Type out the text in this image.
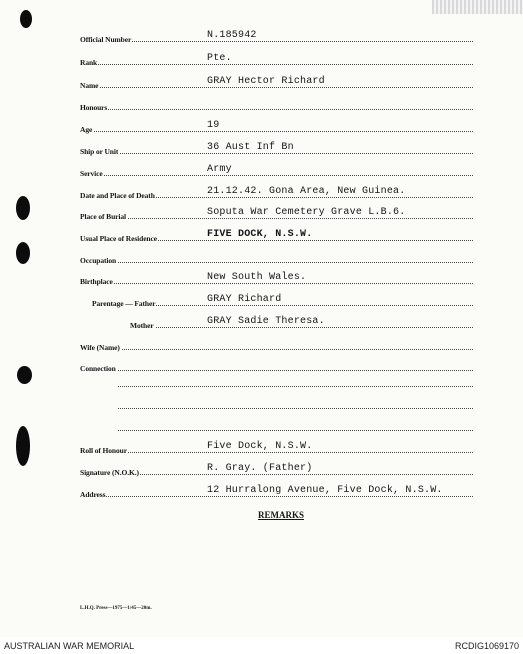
Official Number	N.185942
Rank	Pte.
Name	GRAY Hector Richard
Honours
Age	19
Ship or Unit	36 Aust Inf Bn
Service	Army
Date and Place of Death	21.12.42. Gona Area, New Guinea.
Place of Burial	Soputa War Cemetery Grave L.B.6.
Usual Place of Residence	FIVE DOCK, N.S.W.
Occupation
Birthplace	New South Wales.
Parentage — Father	GRAY Richard
Mother	GRAY Sadie Theresa.
Wife (Name)
Connection
Roll of Honour	Five Dock, N.S.W.
Signature (N.O.K.)	R. Gray. (Father)
Address	12 Hurralong Avenue, Five Dock, N.S.W.
REMARKS
L.H.Q. Press—1975—1/45—20m.
AUSTRALIAN WAR MEMORIAL	RCDIG1069170
